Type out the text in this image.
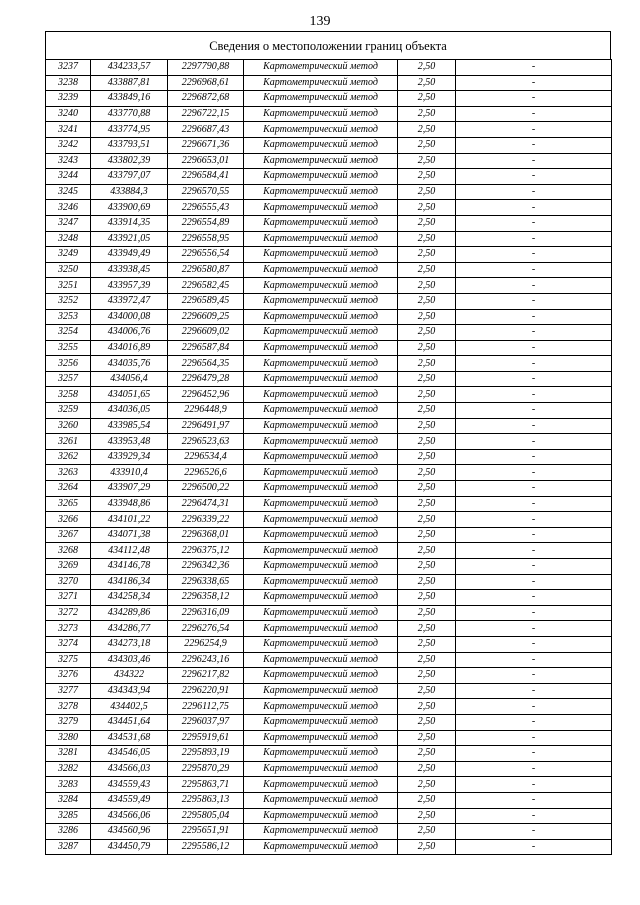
139
Сведения о местоположении границ объекта
3237	434233,57	2297790,88	Картометрический метод	2,50	-
3238	433887,81	2296968,61	Картометрический метод	2,50	-
3239	433849,16	2296872,68	Картометрический метод	2,50	-
3240	433770,88	2296722,15	Картометрический метод	2,50	-
3241	433774,95	2296687,43	Картометрический метод	2,50	-
3242	433793,51	2296671,36	Картометрический метод	2,50	-
3243	433802,39	2296653,01	Картометрический метод	2,50	-
3244	433797,07	2296584,41	Картометрический метод	2,50	-
3245	433884,3	2296570,55	Картометрический метод	2,50	-
3246	433900,69	2296555,43	Картометрический метод	2,50	-
3247	433914,35	2296554,89	Картометрический метод	2,50	-
3248	433921,05	2296558,95	Картометрический метод	2,50	-
3249	433949,49	2296556,54	Картометрический метод	2,50	-
3250	433938,45	2296580,87	Картометрический метод	2,50	-
3251	433957,39	2296582,45	Картометрический метод	2,50	-
3252	433972,47	2296589,45	Картометрический метод	2,50	-
3253	434000,08	2296609,25	Картометрический метод	2,50	-
3254	434006,76	2296609,02	Картометрический метод	2,50	-
3255	434016,89	2296587,84	Картометрический метод	2,50	-
3256	434035,76	2296564,35	Картометрический метод	2,50	-
3257	434056,4	2296479,28	Картометрический метод	2,50	-
3258	434051,65	2296452,96	Картометрический метод	2,50	-
3259	434036,05	2296448,9	Картометрический метод	2,50	-
3260	433985,54	2296491,97	Картометрический метод	2,50	-
3261	433953,48	2296523,63	Картометрический метод	2,50	-
3262	433929,34	2296534,4	Картометрический метод	2,50	-
3263	433910,4	2296526,6	Картометрический метод	2,50	-
3264	433907,29	2296500,22	Картометрический метод	2,50	-
3265	433948,86	2296474,31	Картометрический метод	2,50	-
3266	434101,22	2296339,22	Картометрический метод	2,50	-
3267	434071,38	2296368,01	Картометрический метод	2,50	-
3268	434112,48	2296375,12	Картометрический метод	2,50	-
3269	434146,78	2296342,36	Картометрический метод	2,50	-
3270	434186,34	2296338,65	Картометрический метод	2,50	-
3271	434258,34	2296358,12	Картометрический метод	2,50	-
3272	434289,86	2296316,09	Картометрический метод	2,50	-
3273	434286,77	2296276,54	Картометрический метод	2,50	-
3274	434273,18	2296254,9	Картометрический метод	2,50	-
3275	434303,46	2296243,16	Картометрический метод	2,50	-
3276	434322	2296217,82	Картометрический метод	2,50	-
3277	434343,94	2296220,91	Картометрический метод	2,50	-
3278	434402,5	2296112,75	Картометрический метод	2,50	-
3279	434451,64	2296037,97	Картометрический метод	2,50	-
3280	434531,68	2295919,61	Картометрический метод	2,50	-
3281	434546,05	2295893,19	Картометрический метод	2,50	-
3282	434566,03	2295870,29	Картометрический метод	2,50	-
3283	434559,43	2295863,71	Картометрический метод	2,50	-
3284	434559,49	2295863,13	Картометрический метод	2,50	-
3285	434566,06	2295805,04	Картометрический метод	2,50	-
3286	434560,96	2295651,91	Картометрический метод	2,50	-
3287	434450,79	2295586,12	Картометрический метод	2,50	-
